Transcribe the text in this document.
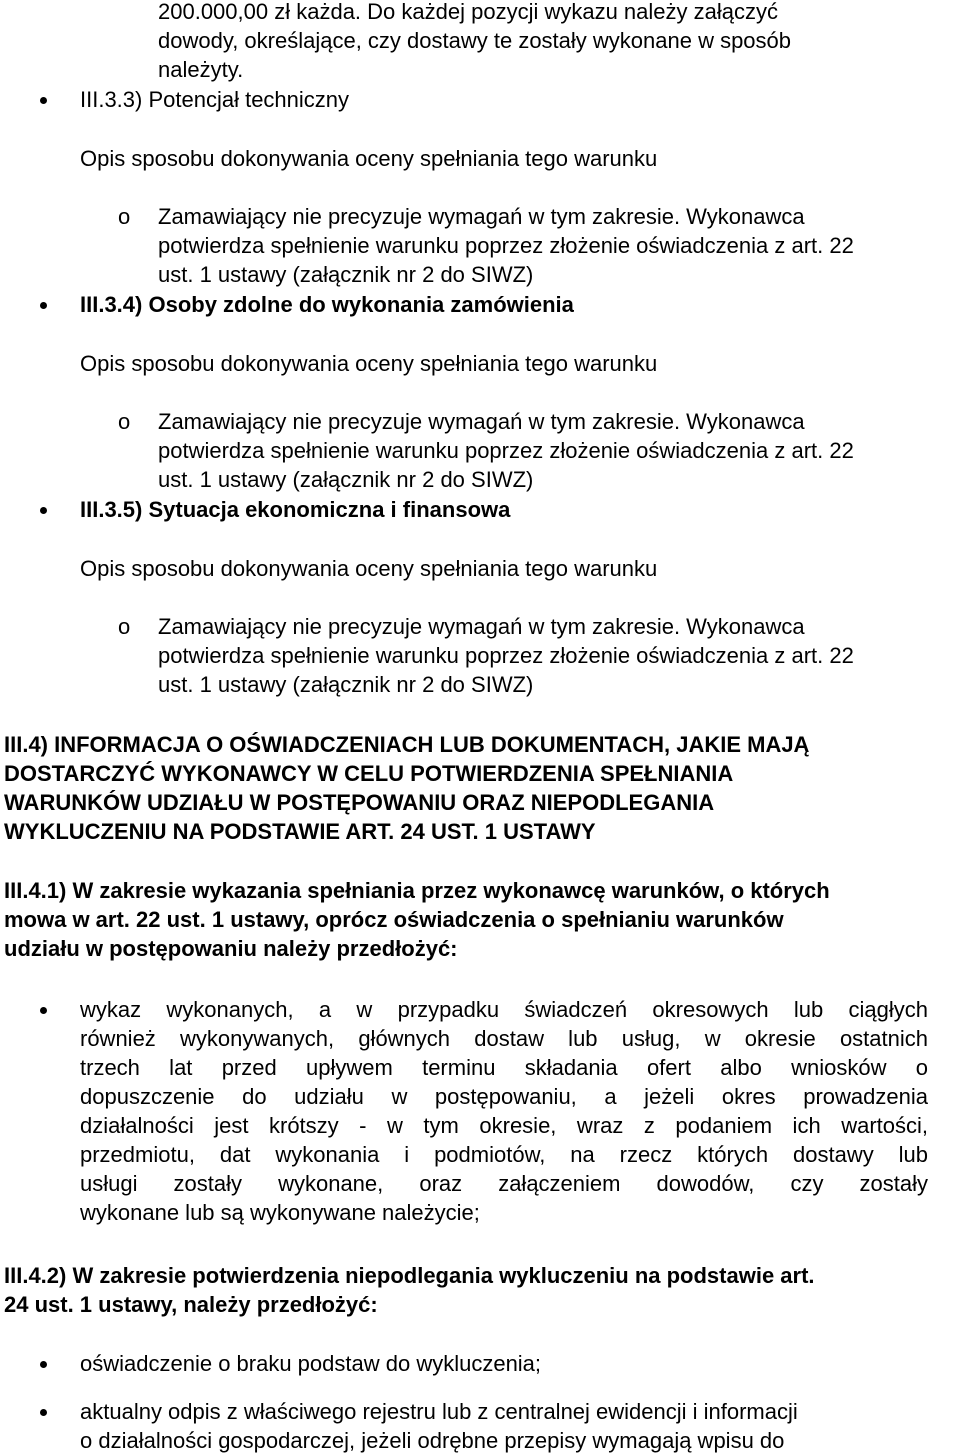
200.000,00 zł każda. Do każdej pozycji wykazu należy załączyć
dowody, określające, czy dostawy te zostały wykonane w sposób
należyty.
III.3.3) Potencjał techniczny
Opis sposobu dokonywania oceny spełniania tego warunku
o Zamawiający nie precyzuje wymagań w tym zakresie. Wykonawca
potwierdza spełnienie warunku poprzez złożenie oświadczenia z art. 22
ust. 1 ustawy (załącznik nr 2 do SIWZ)
III.3.4) Osoby zdolne do wykonania zamówienia
Opis sposobu dokonywania oceny spełniania tego warunku
o Zamawiający nie precyzuje wymagań w tym zakresie. Wykonawca
potwierdza spełnienie warunku poprzez złożenie oświadczenia z art. 22
ust. 1 ustawy (załącznik nr 2 do SIWZ)
III.3.5) Sytuacja ekonomiczna i finansowa
Opis sposobu dokonywania oceny spełniania tego warunku
o Zamawiający nie precyzuje wymagań w tym zakresie. Wykonawca
potwierdza spełnienie warunku poprzez złożenie oświadczenia z art. 22
ust. 1 ustawy (załącznik nr 2 do SIWZ)
III.4) INFORMACJA O OŚWIADCZENIACH LUB DOKUMENTACH, JAKIE MAJĄ
DOSTARCZYĆ WYKONAWCY W CELU POTWIERDZENIA SPEŁNIANIA
WARUNKÓW UDZIAŁU W POSTĘPOWANIU ORAZ NIEPODLEGANIA
WYKLUCZENIU NA PODSTAWIE ART. 24 UST. 1 USTAWY
III.4.1) W zakresie wykazania spełniania przez wykonawcę warunków, o których
mowa w art. 22 ust. 1 ustawy, oprócz oświadczenia o spełnianiu warunków
udziału w postępowaniu należy przedłożyć:
wykaz wykonanych, a w przypadku świadczeń okresowych lub ciągłych
również wykonywanych, głównych dostaw lub usług, w okresie ostatnich
trzech lat przed upływem terminu składania ofert albo wniosków o
dopuszczenie do udziału w postępowaniu, a jeżeli okres prowadzenia
działalności jest krótszy - w tym okresie, wraz z podaniem ich wartości,
przedmiotu, dat wykonania i podmiotów, na rzecz których dostawy lub
usługi zostały wykonane, oraz załączeniem dowodów, czy zostały
wykonane lub są wykonywane należycie;
III.4.2) W zakresie potwierdzenia niepodlegania wykluczeniu na podstawie art.
24 ust. 1 ustawy, należy przedłożyć:
oświadczenie o braku podstaw do wykluczenia;
aktualny odpis z właściwego rejestru lub z centralnej ewidencji i informacji
o działalności gospodarczej, jeżeli odrębne przepisy wymagają wpisu do
